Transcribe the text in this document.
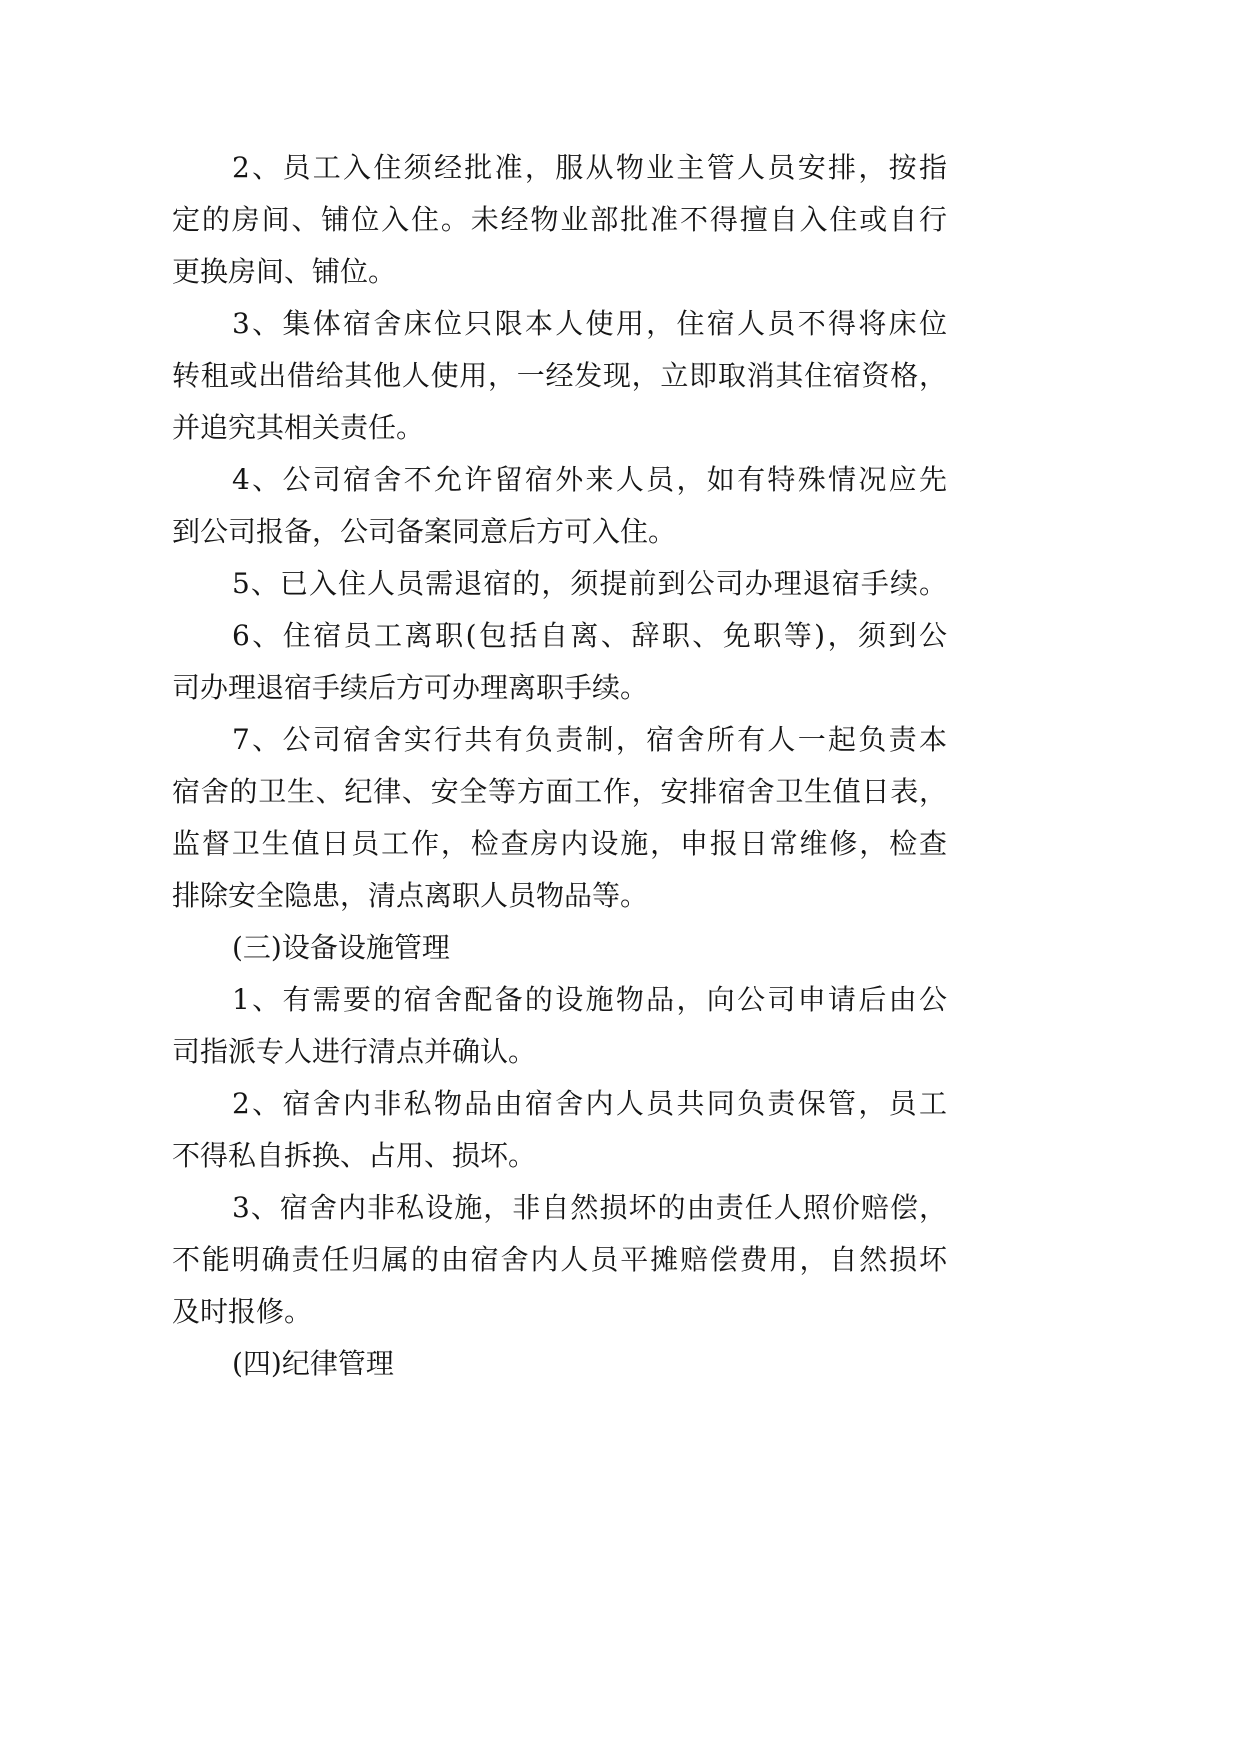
2、员工入住须经批准，服从物业主管人员安排，按指
定的房间、铺位入住。未经物业部批准不得擅自入住或自行
更换房间、铺位。
3、集体宿舍床位只限本人使用，住宿人员不得将床位
转租或出借给其他人使用，一经发现，立即取消其住宿资格，
并追究其相关责任。
4、公司宿舍不允许留宿外来人员，如有特殊情况应先
到公司报备，公司备案同意后方可入住。
5、已入住人员需退宿的，须提前到公司办理退宿手续。
6、住宿员工离职(包括自离、辞职、免职等)，须到公
司办理退宿手续后方可办理离职手续。
7、公司宿舍实行共有负责制，宿舍所有人一起负责本
宿舍的卫生、纪律、安全等方面工作，安排宿舍卫生值日表，
监督卫生值日员工作，检查房内设施，申报日常维修，检查
排除安全隐患，清点离职人员物品等。
(三)设备设施管理
1、有需要的宿舍配备的设施物品，向公司申请后由公
司指派专人进行清点并确认。
2、宿舍内非私物品由宿舍内人员共同负责保管，员工
不得私自拆换、占用、损坏。
3、宿舍内非私设施，非自然损坏的由责任人照价赔偿，
不能明确责任归属的由宿舍内人员平摊赔偿费用，自然损坏
及时报修。
(四)纪律管理
